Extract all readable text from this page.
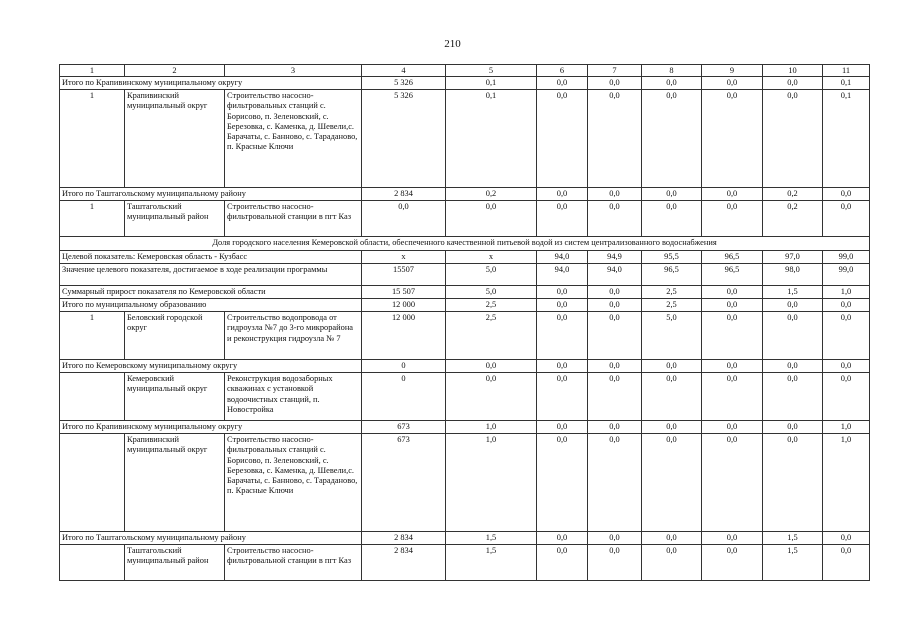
210
1	2	3	4	5	6	7	8	9	10	11
Итого по Крапивинскому муниципальному округу			5 326	0,1	0,0	0,0	0,0	0,0	0,0	0,1
1	Крапивинский муниципальный округ	Строительство насосно-фильтровальных станций с. Борисово, п. Зеленовский, с. Березовка, с. Каменка, д. Шевели,с. Барачаты, с. Банново, с. Тараданово, п. Красные Ключи	5 326	0,1	0,0	0,0	0,0	0,0	0,0	0,1
Итого по Таштагольскому муниципальному району			2 834	0,2	0,0	0,0	0,0	0,0	0,2	0,0
1	Таштагольский муниципальный район	Строительство насосно-фильтровальной станции в пгт Каз	0,0	0,0	0,0	0,0	0,0	0,0	0,2	0,0
Доля городского населения Кемеровской области, обеспеченного качественной питьевой водой из систем централизованного водоснабжения										
Целевой показатель: Кемеровская область - Кузбасс			х	х	94,0	94,9	95,5	96,5	97,0	99,0
Значение целевого показателя, достигаемое в ходе реализации программы			15507	5,0	94,0	94,0	96,5	96,5	98,0	99,0
Суммарный прирост показателя по Кемеровской области			15 507	5,0	0,0	0,0	2,5	0,0	1,5	1,0
Итого по муниципальному образованию			12 000	2,5	0,0	0,0	2,5	0,0	0,0	0,0
1	Беловский городской округ	Строительство водопровода от гидроузла №7 до 3-го микрорайона и реконструкция гидроузла № 7	12 000	2,5	0,0	0,0	5,0	0,0	0,0	0,0
Итого по Кемеровскому муниципальному округу			0	0,0	0,0	0,0	0,0	0,0	0,0	0,0
	Кемеровский муниципальный округ	Реконструкция водозаборных скважинах с установкой водоочистных станций, п. Новостройка	0	0,0	0,0	0,0	0,0	0,0	0,0	0,0
Итого по Крапивинскому муниципальному округу			673	1,0	0,0	0,0	0,0	0,0	0,0	1,0
	Крапивинский муниципальный округ	Строительство насосно-фильтровальных станций с. Борисово, п. Зеленовский, с. Березовка, с. Каменка, д. Шевели,с. Барачаты, с. Банново, с. Тараданово, п. Красные Ключи	673	1,0	0,0	0,0	0,0	0,0	0,0	1,0
Итого по Таштагольскому муниципальному району			2 834	1,5	0,0	0,0	0,0	0,0	1,5	0,0
	Таштагольский муниципальный район	Строительство насосно-фильтровальной станции в пгт Каз	2 834	1,5	0,0	0,0	0,0	0,0	1,5	0,0
